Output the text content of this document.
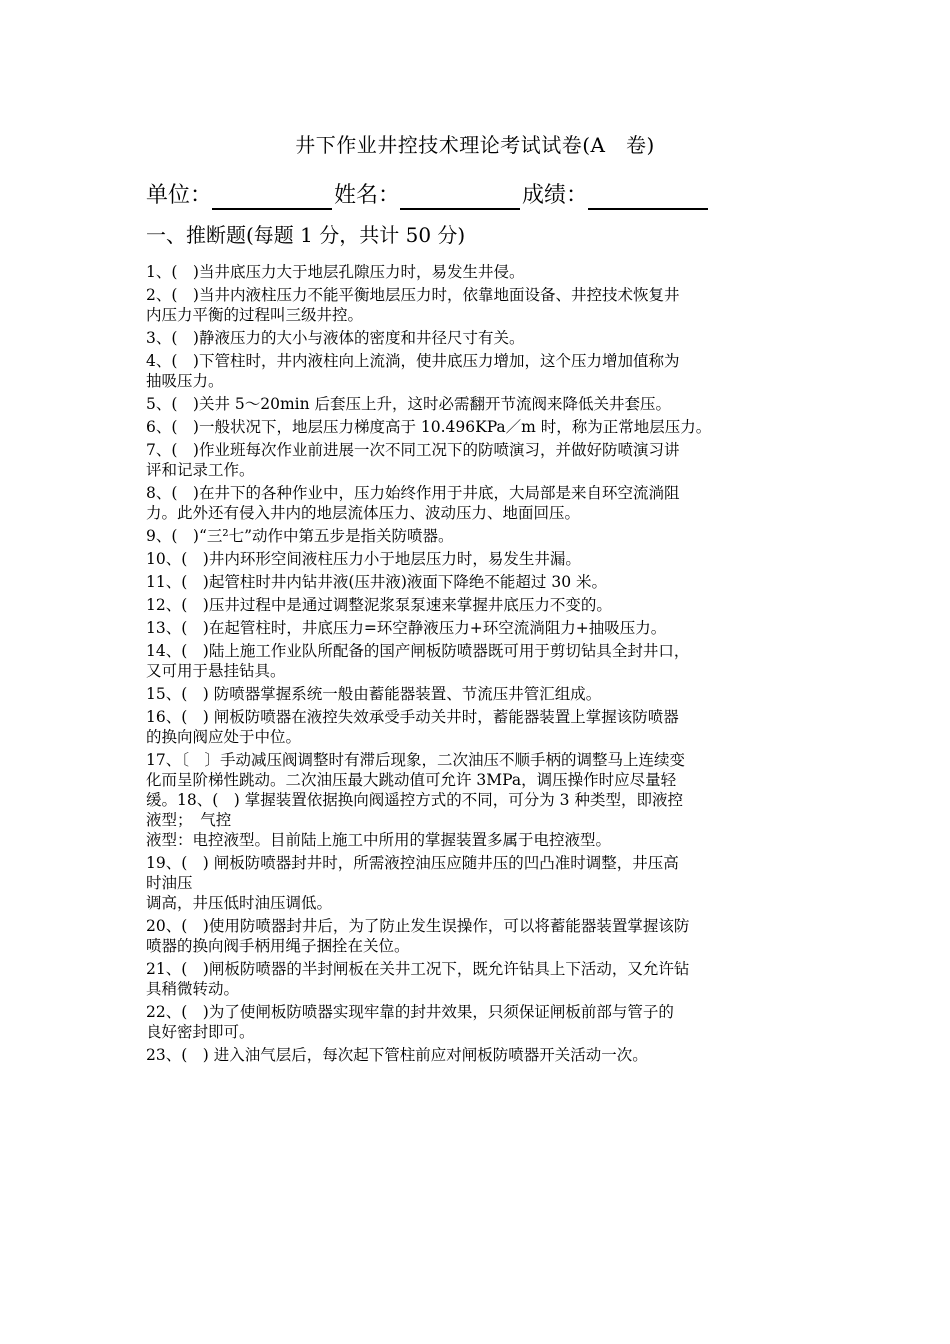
井下作业井控技术理论考试试卷(A　卷)
单位：	姓名：	成绩：
一、推断题(每题 1 分，共计 50 分)
1、(　)当井底压力大于地层孔隙压力时，易发生井侵。
2、(　)当井内液柱压力不能平衡地层压力时，依靠地面设备、井控技术恢复井
内压力平衡的过程叫三级井控。
3、(　)静液压力的大小与液体的密度和井径尺寸有关。
4、(　)下管柱时，井内液柱向上流淌，使井底压力增加，这个压力增加值称为
抽吸压力。
5、(　)关井 5～20min 后套压上升，这时必需翻开节流阀来降低关井套压。
6、(　)一般状况下，地层压力梯度高于 10.496KPa／m 时，称为正常地层压力。
7、(　)作业班每次作业前进展一次不同工况下的防喷演习，并做好防喷演习讲
评和记录工作。
8、(　)在井下的各种作业中，压力始终作用于井底，大局部是来自环空流淌阻
力。此外还有侵入井内的地层流体压力、波动压力、地面回压。
9、(　)“三²七”动作中第五步是指关防喷器。
10、(　)井内环形空间液柱压力小于地层压力时，易发生井漏。
11、(　)起管柱时井内钻井液(压井液)液面下降绝不能超过 30 米。
12、(　)压井过程中是通过调整泥浆泵泵速来掌握井底压力不变的。
13、(　)在起管柱时，井底压力=环空静液压力+环空流淌阻力+抽吸压力。
14、(　)陆上施工作业队所配备的国产闸板防喷器既可用于剪切钻具全封井口，
又可用于悬挂钻具。
15、(　) 防喷器掌握系统一般由蓄能器装置、节流压井管汇组成。
16、(　) 闸板防喷器在液控失效承受手动关井时，蓄能器装置上掌握该防喷器
的换向阀应处于中位。
17、〔　〕手动减压阀调整时有滞后现象，二次油压不顺手柄的调整马上连续变
化而呈阶梯性跳动。二次油压最大跳动值可允许 3MPa，调压操作时应尽量轻
缓。18、(　) 掌握装置依据换向阀遥控方式的不同，可分为 3 种类型，即液控
液型；　气控
液型：电控液型。目前陆上施工中所用的掌握装置多属于电控液型。
19、(　) 闸板防喷器封井时，所需液控油压应随井压的凹凸准时调整，井压高
时油压
调高，井压低时油压调低。
20、(　)使用防喷器封井后，为了防止发生误操作，可以将蓄能器装置掌握该防
喷器的换向阀手柄用绳子捆拴在关位。
21、(　)闸板防喷器的半封闸板在关井工况下，既允许钻具上下活动，又允许钻
具稍微转动。
22、(　)为了使闸板防喷器实现牢靠的封井效果，只须保证闸板前部与管子的
良好密封即可。
23、(　) 进入油气层后，每次起下管柱前应对闸板防喷器开关活动一次。
